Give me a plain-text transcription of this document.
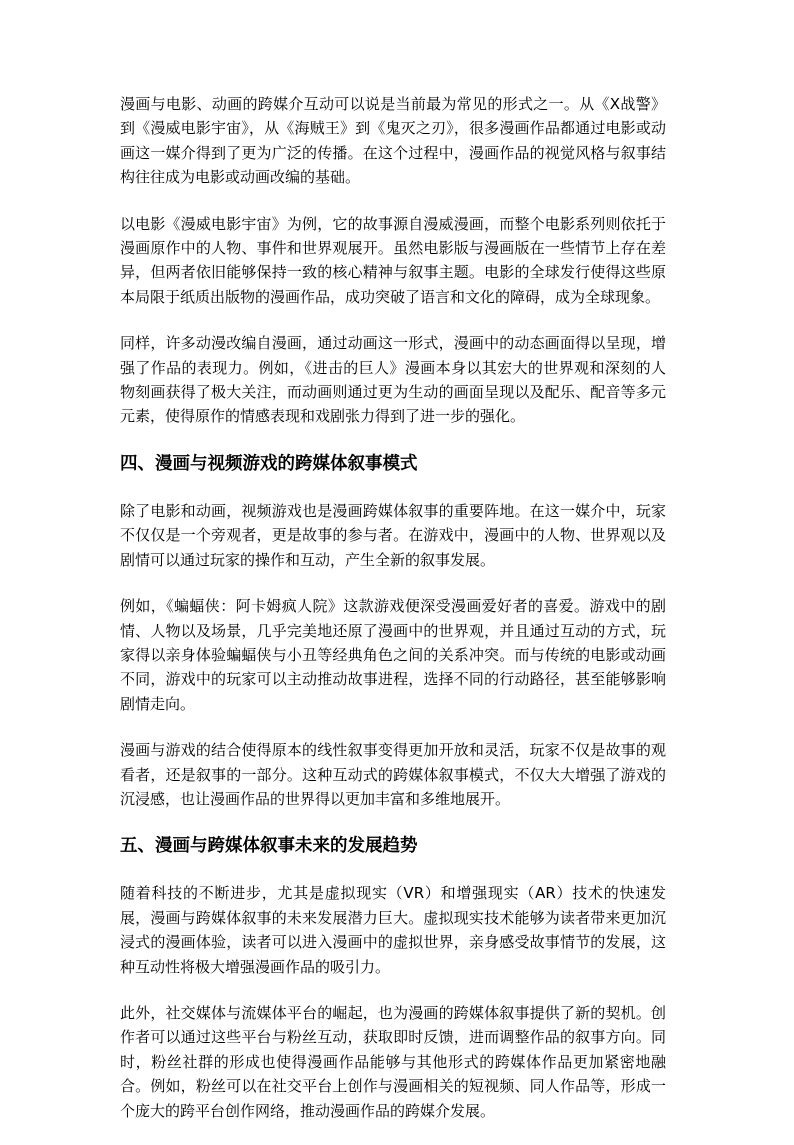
漫画与电影、动画的跨媒介互动可以说是当前最为常见的形式之一。从《X战警》到《漫威电影宇宙》，从《海贼王》到《鬼灭之刃》，很多漫画作品都通过电影或动画这一媒介得到了更为广泛的传播。在这个过程中，漫画作品的视觉风格与叙事结构往往成为电影或动画改编的基础。

以电影《漫威电影宇宙》为例，它的故事源自漫威漫画，而整个电影系列则依托于漫画原作中的人物、事件和世界观展开。虽然电影版与漫画版在一些情节上存在差异，但两者依旧能够保持一致的核心精神与叙事主题。电影的全球发行使得这些原本局限于纸质出版物的漫画作品，成功突破了语言和文化的障碍，成为全球现象。

同样，许多动漫改编自漫画，通过动画这一形式，漫画中的动态画面得以呈现，增强了作品的表现力。例如，《进击的巨人》漫画本身以其宏大的世界观和深刻的人物刻画获得了极大关注，而动画则通过更为生动的画面呈现以及配乐、配音等多元元素，使得原作的情感表现和戏剧张力得到了进一步的强化。

四、漫画与视频游戏的跨媒体叙事模式

除了电影和动画，视频游戏也是漫画跨媒体叙事的重要阵地。在这一媒介中，玩家不仅仅是一个旁观者，更是故事的参与者。在游戏中，漫画中的人物、世界观以及剧情可以通过玩家的操作和互动，产生全新的叙事发展。

例如，《蝙蝠侠：阿卡姆疯人院》这款游戏便深受漫画爱好者的喜爱。游戏中的剧情、人物以及场景，几乎完美地还原了漫画中的世界观，并且通过互动的方式，玩家得以亲身体验蝙蝠侠与小丑等经典角色之间的关系冲突。而与传统的电影或动画不同，游戏中的玩家可以主动推动故事进程，选择不同的行动路径，甚至能够影响剧情走向。

漫画与游戏的结合使得原本的线性叙事变得更加开放和灵活，玩家不仅是故事的观看者，还是叙事的一部分。这种互动式的跨媒体叙事模式，不仅大大增强了游戏的沉浸感，也让漫画作品的世界得以更加丰富和多维地展开。

五、漫画与跨媒体叙事未来的发展趋势

随着科技的不断进步，尤其是虚拟现实（VR）和增强现实（AR）技术的快速发展，漫画与跨媒体叙事的未来发展潜力巨大。虚拟现实技术能够为读者带来更加沉浸式的漫画体验，读者可以进入漫画中的虚拟世界，亲身感受故事情节的发展，这种互动性将极大增强漫画作品的吸引力。

此外，社交媒体与流媒体平台的崛起，也为漫画的跨媒体叙事提供了新的契机。创作者可以通过这些平台与粉丝互动，获取即时反馈，进而调整作品的叙事方向。同时，粉丝社群的形成也使得漫画作品能够与其他形式的跨媒体作品更加紧密地融合。例如，粉丝可以在社交平台上创作与漫画相关的短视频、同人作品等，形成一个庞大的跨平台创作网络，推动漫画作品的跨媒介发展。
